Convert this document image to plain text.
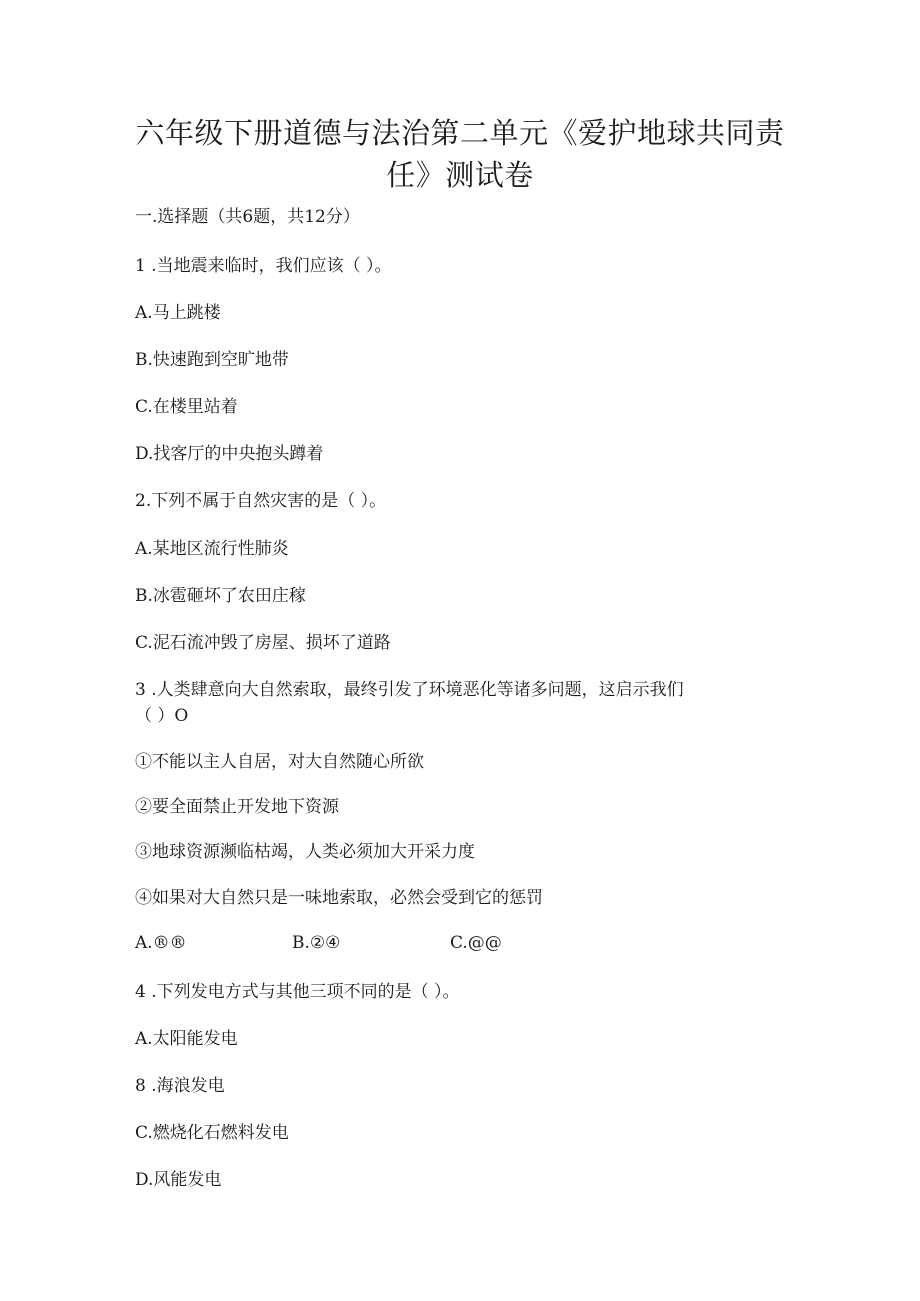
六年级下册道德与法治第二单元《爱护地球共同责
任》测试卷
一.选择题（共6题，共12分）
1 .当地震来临时，我们应该（ ）。
A.马上跳楼
B.快速跑到空旷地带
C.在楼里站着
D.找客厅的中央抱头蹲着
2.下列不属于自然灾害的是（ ）。
A.某地区流行性肺炎
B.冰雹砸坏了农田庄稼
C.泥石流冲毁了房屋、损坏了道路
3 .人类肆意向大自然索取，最终引发了环境恶化等诸多问题，这启示我们
（ ）O
①不能以主人自居，对大自然随心所欲
②要全面禁止开发地下资源
③地球资源濒临枯竭，人类必须加大开采力度
④如果对大自然只是一味地索取，必然会受到它的惩罚
A.®®	B.②④	C.@@
4 .下列发电方式与其他三项不同的是（ ）。
A.太阳能发电
8 .海浪发电
C.燃烧化石燃料发电
D.风能发电
